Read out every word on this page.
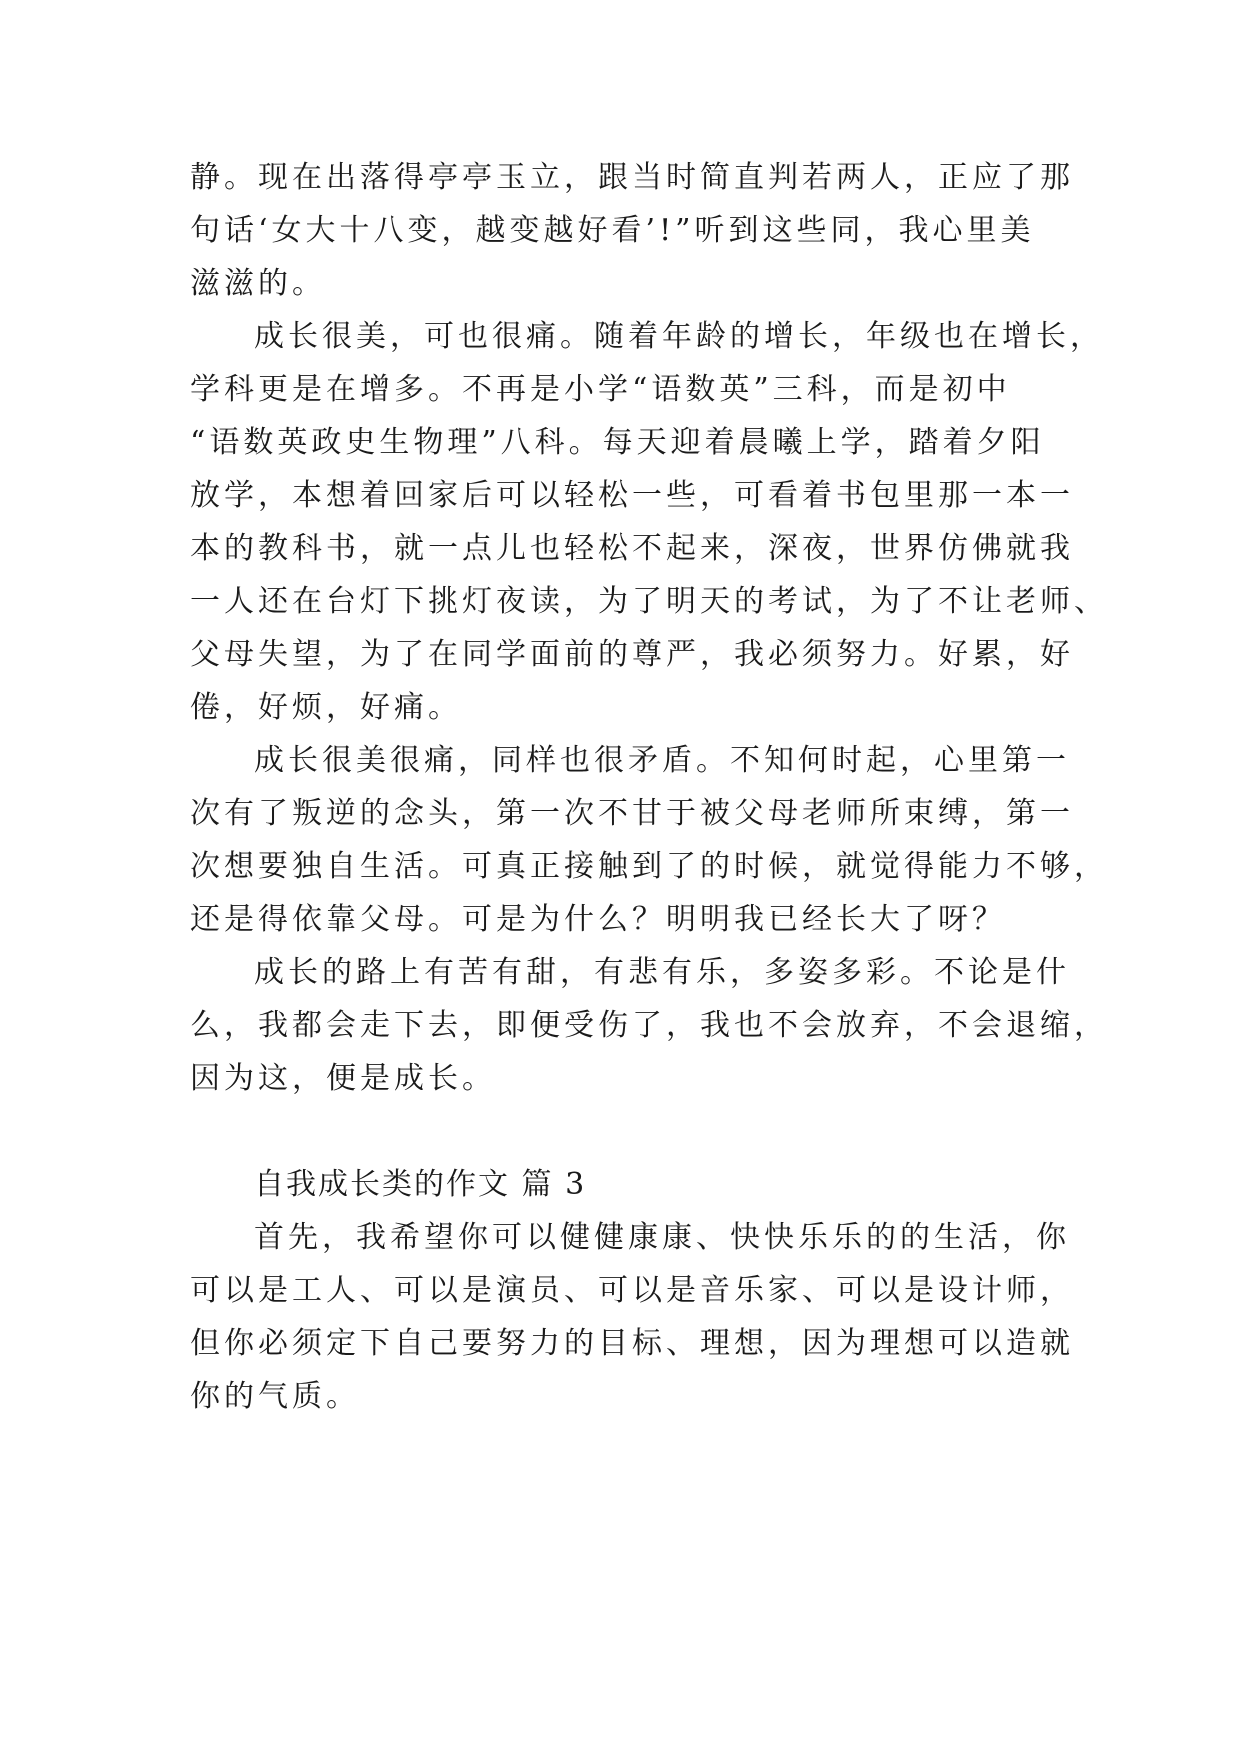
静。现在出落得亭亭玉立，跟当时简直判若两人，正应了那
句话‘女大十八变，越变越好看’!”听到这些同，我心里美
滋滋的。
成长很美，可也很痛。随着年龄的增长，年级也在增长，
学科更是在增多。不再是小学“语数英”三科，而是初中
“语数英政史生物理”八科。每天迎着晨曦上学，踏着夕阳
放学，本想着回家后可以轻松一些，可看着书包里那一本一
本的教科书，就一点儿也轻松不起来，深夜，世界仿佛就我
一人还在台灯下挑灯夜读，为了明天的考试，为了不让老师、
父母失望，为了在同学面前的尊严，我必须努力。好累，好
倦，好烦，好痛。
成长很美很痛，同样也很矛盾。不知何时起，心里第一
次有了叛逆的念头，第一次不甘于被父母老师所束缚，第一
次想要独自生活。可真正接触到了的时候，就觉得能力不够，
还是得依靠父母。可是为什么？明明我已经长大了呀？
成长的路上有苦有甜，有悲有乐，多姿多彩。不论是什
么，我都会走下去，即便受伤了，我也不会放弃，不会退缩，
因为这，便是成长。
自我成长类的作文 篇 3
首先，我希望你可以健健康康、快快乐乐的的生活，你
可以是工人、可以是演员、可以是音乐家、可以是设计师，
但你必须定下自己要努力的目标、理想，因为理想可以造就
你的气质。
